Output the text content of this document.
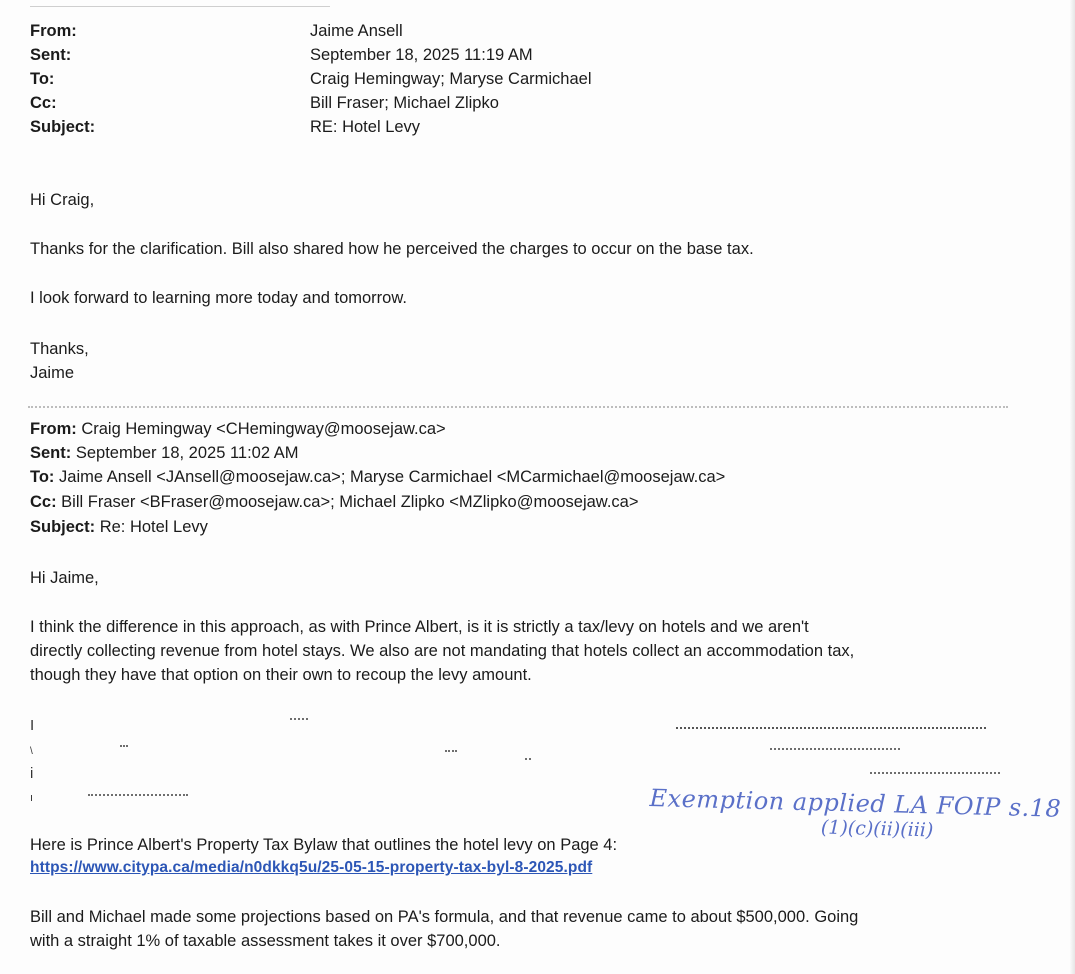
From:	Jaime Ansell
Sent:	September 18, 2025 11:19 AM
To:	Craig Hemingway; Maryse Carmichael
Cc:	Bill Fraser; Michael Zlipko
Subject:	RE: Hotel Levy
Hi Craig,
Thanks for the clarification. Bill also shared how he perceived the charges to occur on the base tax.
I look forward to learning more today and tomorrow.
Thanks,
Jaime
From: Craig Hemingway <CHemingway@moosejaw.ca>
Sent: September 18, 2025 11:02 AM
To: Jaime Ansell <JAnsell@moosejaw.ca>; Maryse Carmichael <MCarmichael@moosejaw.ca>
Cc: Bill Fraser <BFraser@moosejaw.ca>; Michael Zlipko <MZlipko@moosejaw.ca>
Subject: Re: Hotel Levy
Hi Jaime,
I think the difference in this approach, as with Prince Albert, is it is strictly a tax/levy on hotels and we aren't
directly collecting revenue from hotel stays. We also are not mandating that hotels collect an accommodation tax,
though they have that option on their own to recoup the levy amount.
I
\
i
ı	Exemption applied LA FOIP s.18
(1)(c)(ii)(iii)
Here is Prince Albert's Property Tax Bylaw that outlines the hotel levy on Page 4:
https://www.citypa.ca/media/n0dkkq5u/25-05-15-property-tax-byl-8-2025.pdf
Bill and Michael made some projections based on PA's formula, and that revenue came to about $500,000. Going
with a straight 1% of taxable assessment takes it over $700,000.
